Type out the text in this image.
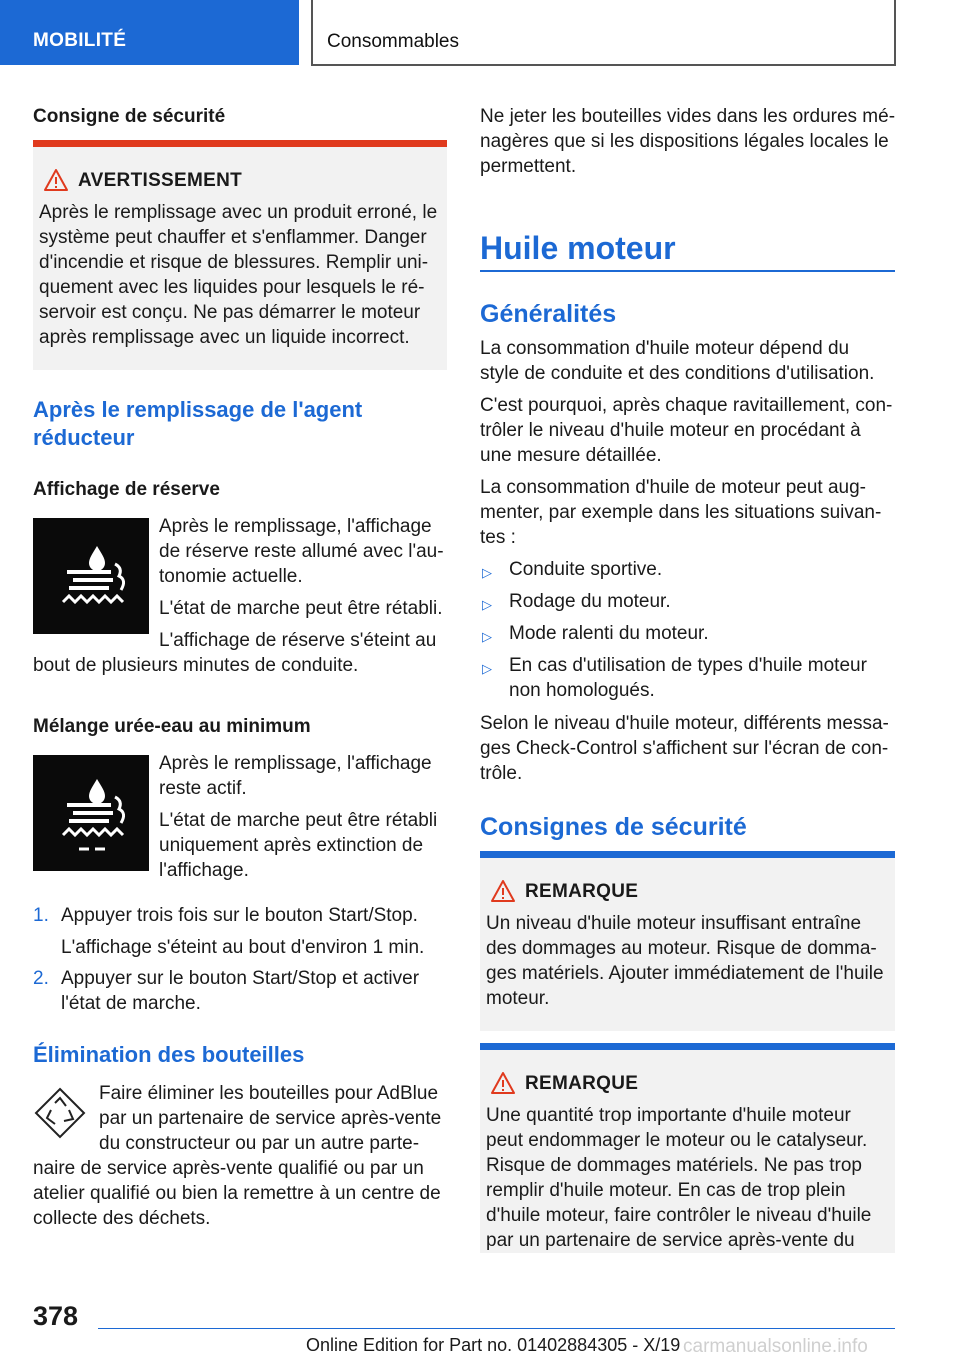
MOBILITÉ	Consommables
Consigne de sécurité
AVERTISSEMENT
Après le remplissage avec un produit erroné, le
système peut chauffer et s'enflammer. Danger
d'incendie et risque de blessures. Remplir uni‐
quement avec les liquides pour lesquels le ré‐
servoir est conçu. Ne pas démarrer le moteur
après remplissage avec un liquide incorrect.
Après le remplissage de l'agent
réducteur
Affichage de réserve
Après le remplissage, l'affichage
de réserve reste allumé avec l'au‐
tonomie actuelle.
L'état de marche peut être rétabli.
L'affichage de réserve s'éteint au
bout de plusieurs minutes de conduite.
Mélange urée-eau au minimum
Après le remplissage, l'affichage
reste actif.
L'état de marche peut être rétabli
uniquement après extinction de
l'affichage.
1. Appuyer trois fois sur le bouton Start/Stop.
L'affichage s'éteint au bout d'environ 1 min.
2. Appuyer sur le bouton Start/Stop et activer
l'état de marche.
Élimination des bouteilles
Faire éliminer les bouteilles pour AdBlue
par un partenaire de service après-vente
du constructeur ou par un autre parte‐
naire de service après-vente qualifié ou par un
atelier qualifié ou bien la remettre à un centre de
collecte des déchets.
Ne jeter les bouteilles vides dans les ordures mé‐
nagères que si les dispositions légales locales le
permettent.
Huile moteur
Généralités
La consommation d'huile moteur dépend du
style de conduite et des conditions d'utilisation.
C'est pourquoi, après chaque ravitaillement, con‐
trôler le niveau d'huile moteur en procédant à
une mesure détaillée.
La consommation d'huile de moteur peut aug‐
menter, par exemple dans les situations suivan‐
tes :
▷ Conduite sportive.
▷ Rodage du moteur.
▷ Mode ralenti du moteur.
▷ En cas d'utilisation de types d'huile moteur
non homologués.
Selon le niveau d'huile moteur, différents messa‐
ges Check-Control s'affichent sur l'écran de con‐
trôle.
Consignes de sécurité
REMARQUE
Un niveau d'huile moteur insuffisant entraîne
des dommages au moteur. Risque de domma‐
ges matériels. Ajouter immédiatement de l'huile
moteur.
REMARQUE
Une quantité trop importante d'huile moteur
peut endommager le moteur ou le catalyseur.
Risque de dommages matériels. Ne pas trop
remplir d'huile moteur. En cas de trop plein
d'huile moteur, faire contrôler le niveau d'huile
par un partenaire de service après-vente du
378
Online Edition for Part no. 01402884305 - X/19 carmanualsonline.info
